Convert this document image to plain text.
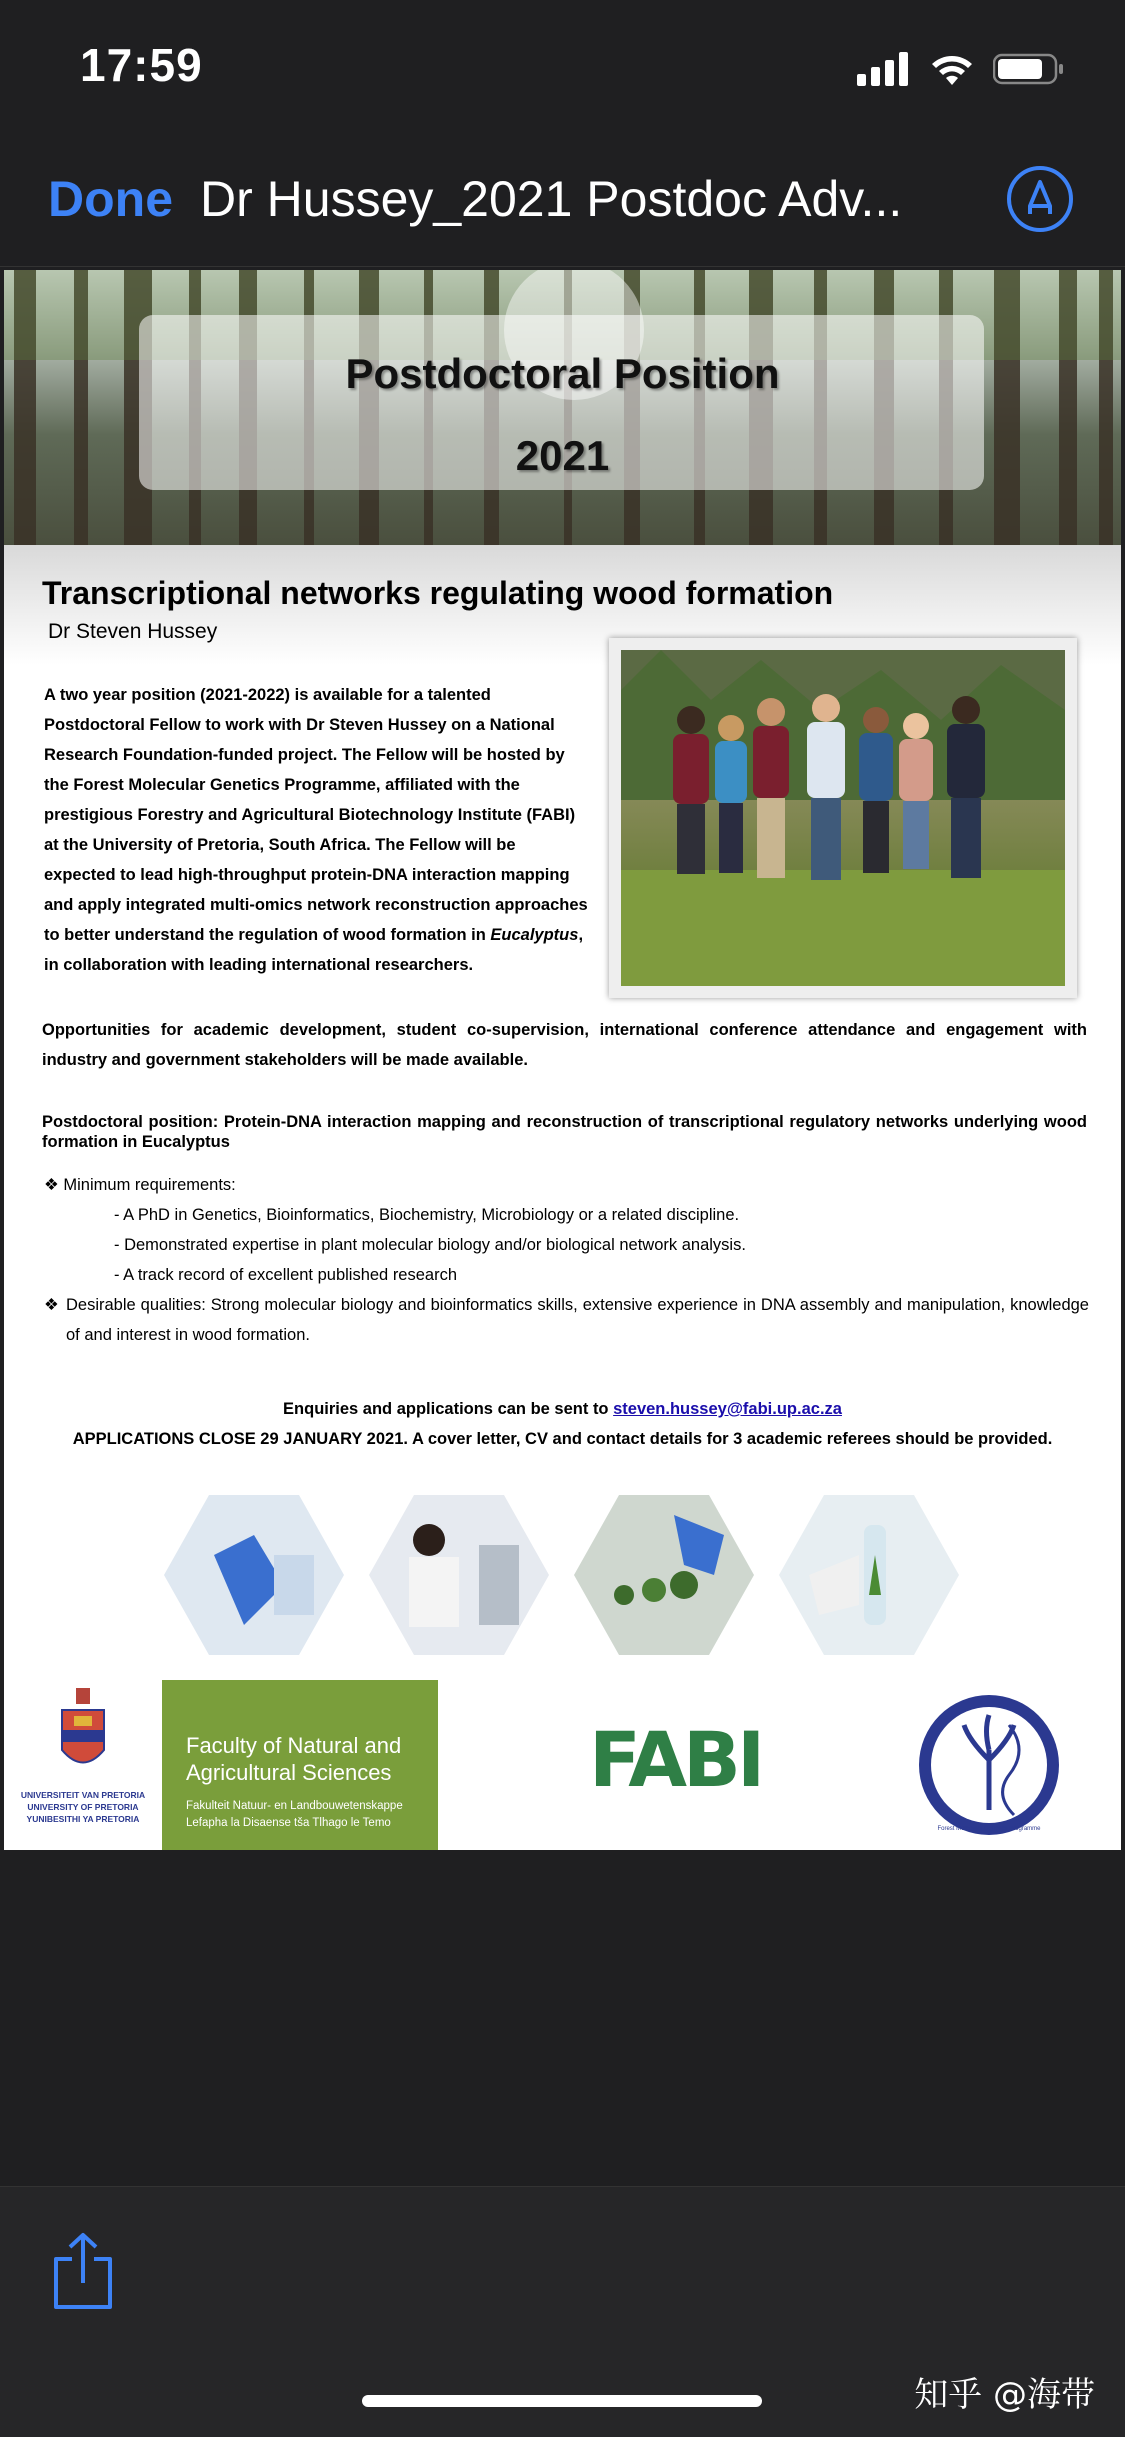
17:59
Done Dr Hussey_2021 Postdoc Adv...
Postdoctoral Position
2021
Transcriptional networks regulating wood formation
Dr Steven Hussey
A two year position (2021-2022) is available for a talented Postdoctoral Fellow to work with Dr Steven Hussey on a National Research Foundation-funded project. The Fellow will be hosted by the Forest Molecular Genetics Programme, affiliated with the prestigious Forestry and Agricultural Biotechnology Institute (FABI) at the University of Pretoria, South Africa. The Fellow will be expected to lead high-throughput protein-DNA interaction mapping and apply integrated multi-omics network reconstruction approaches to better understand the regulation of wood formation in Eucalyptus, in collaboration with leading international researchers.
Opportunities for academic development, student co-supervision, international conference attendance and engagement with industry and government stakeholders will be made available.
Postdoctoral position: Protein-DNA interaction mapping and reconstruction of transcriptional regulatory networks underlying wood formation in Eucalyptus
❖ Minimum requirements:
- A PhD in Genetics, Bioinformatics, Biochemistry, Microbiology or a related discipline.
- Demonstrated expertise in plant molecular biology and/or biological network analysis.
- A track record of excellent published research
❖ Desirable qualities: Strong molecular biology and bioinformatics skills, extensive experience in DNA assembly and manipulation, knowledge of and interest in wood formation.
Enquiries and applications can be sent to steven.hussey@fabi.up.ac.za
APPLICATIONS CLOSE 29 JANUARY 2021. A cover letter, CV and contact details for 3 academic referees should be provided.
UNIVERSITEIT VAN PRETORIA
UNIVERSITY OF PRETORIA
YUNIBESITHI YA PRETORIA
Faculty of Natural and
Agricultural Sciences
Fakulteit Natuur- en Landbouwetenskappe
Lefapha la Disaense tša Tlhago le Temo
FABI
Forest Molecular Genetics Programme
知乎 @海带
